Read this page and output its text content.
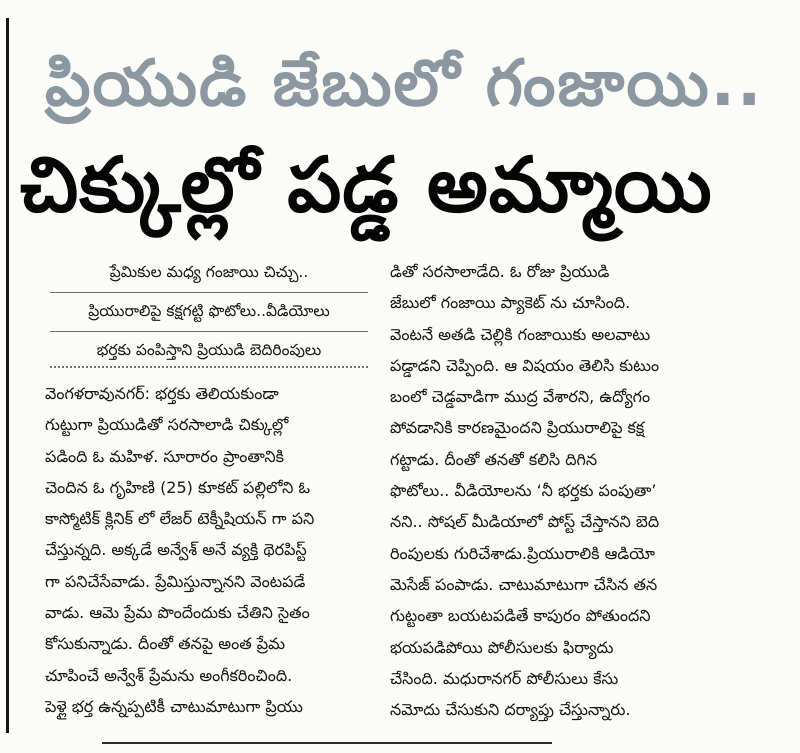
ప్రియుడి జేబులో గంజాయి..
చిక్కుల్లో పడ్డ అమ్మాయి

ప్రేమికుల మధ్య గంజాయి చిచ్చు..

ప్రియురాలిపై కక్షగట్టి ఫొటోలు..వీడియోలు

భర్తకు పంపిస్తాని ప్రియుడి బెదిరింపులు

వెంగళరావునగర్: భర్తకు తెలియకుండా
గుట్టుగా ప్రియుడితో సరసాలాడి చిక్కుల్లో
పడింది ఓ మహిళ. సూరారం ప్రాంతానికి
చెందిన ఓ గృహిణి (25) కూకట్ పల్లిలోని ఓ
కాస్మోటిక్ క్లినిక్ లో లేజర్ టెక్నీషియన్ గా పని
చేస్తున్నది. అక్కడే అన్వేశ్ అనే వ్యక్తి థెరపిస్ట్
గా పనిచేసేవాడు. ప్రేమిస్తున్నానని వెంటపడే
వాడు. ఆమె ప్రేమ పొందేందుకు చేతిని సైతం
కోసుకున్నాడు. దీంతో తనపై అంత ప్రేమ
చూపించే అన్వేశ్ ప్రేమను అంగీకరించింది.
పెళ్లై భర్త ఉన్నప్పటికీ చాటుమాటుగా ప్రియు
డితో సరసాలాడేది. ఓ రోజు ప్రియుడి
జేబులో గంజాయి ప్యాకెట్ ను చూసింది.
వెంటనే అతడి చెల్లికి గంజాయికు అలవాటు
పడ్డాడని చెప్పింది. ఆ విషయం తెలిసి కుటుం
బంలో చెడ్డవాడిగా ముద్ర వేశారని, ఉద్యోగం
పోవడానికి కారణమైందని ప్రియురాలిపై కక్ష
గట్టాడు. దీంతో తనతో కలిసి దిగిన
ఫొటోలు.. వీడియోలను ‘నీ భర్తకు పంపుతా’
నని.. సోషల్ మీడియాలో పోస్ట్ చేస్తానని బెది
రింపులకు గురిచేశాడు.ప్రియురాలికి ఆడియో
మెసేజ్ పంపాడు. చాటుమాటుగా చేసిన తన
గుట్టంతా బయటపడితే కాపురం పోతుందని
భయపడిపోయి పోలీసులకు ఫిర్యాదు
చేసింది. మధురానగర్ పోలీసులు కేసు
నమోదు చేసుకుని దర్యాప్తు చేస్తున్నారు.
